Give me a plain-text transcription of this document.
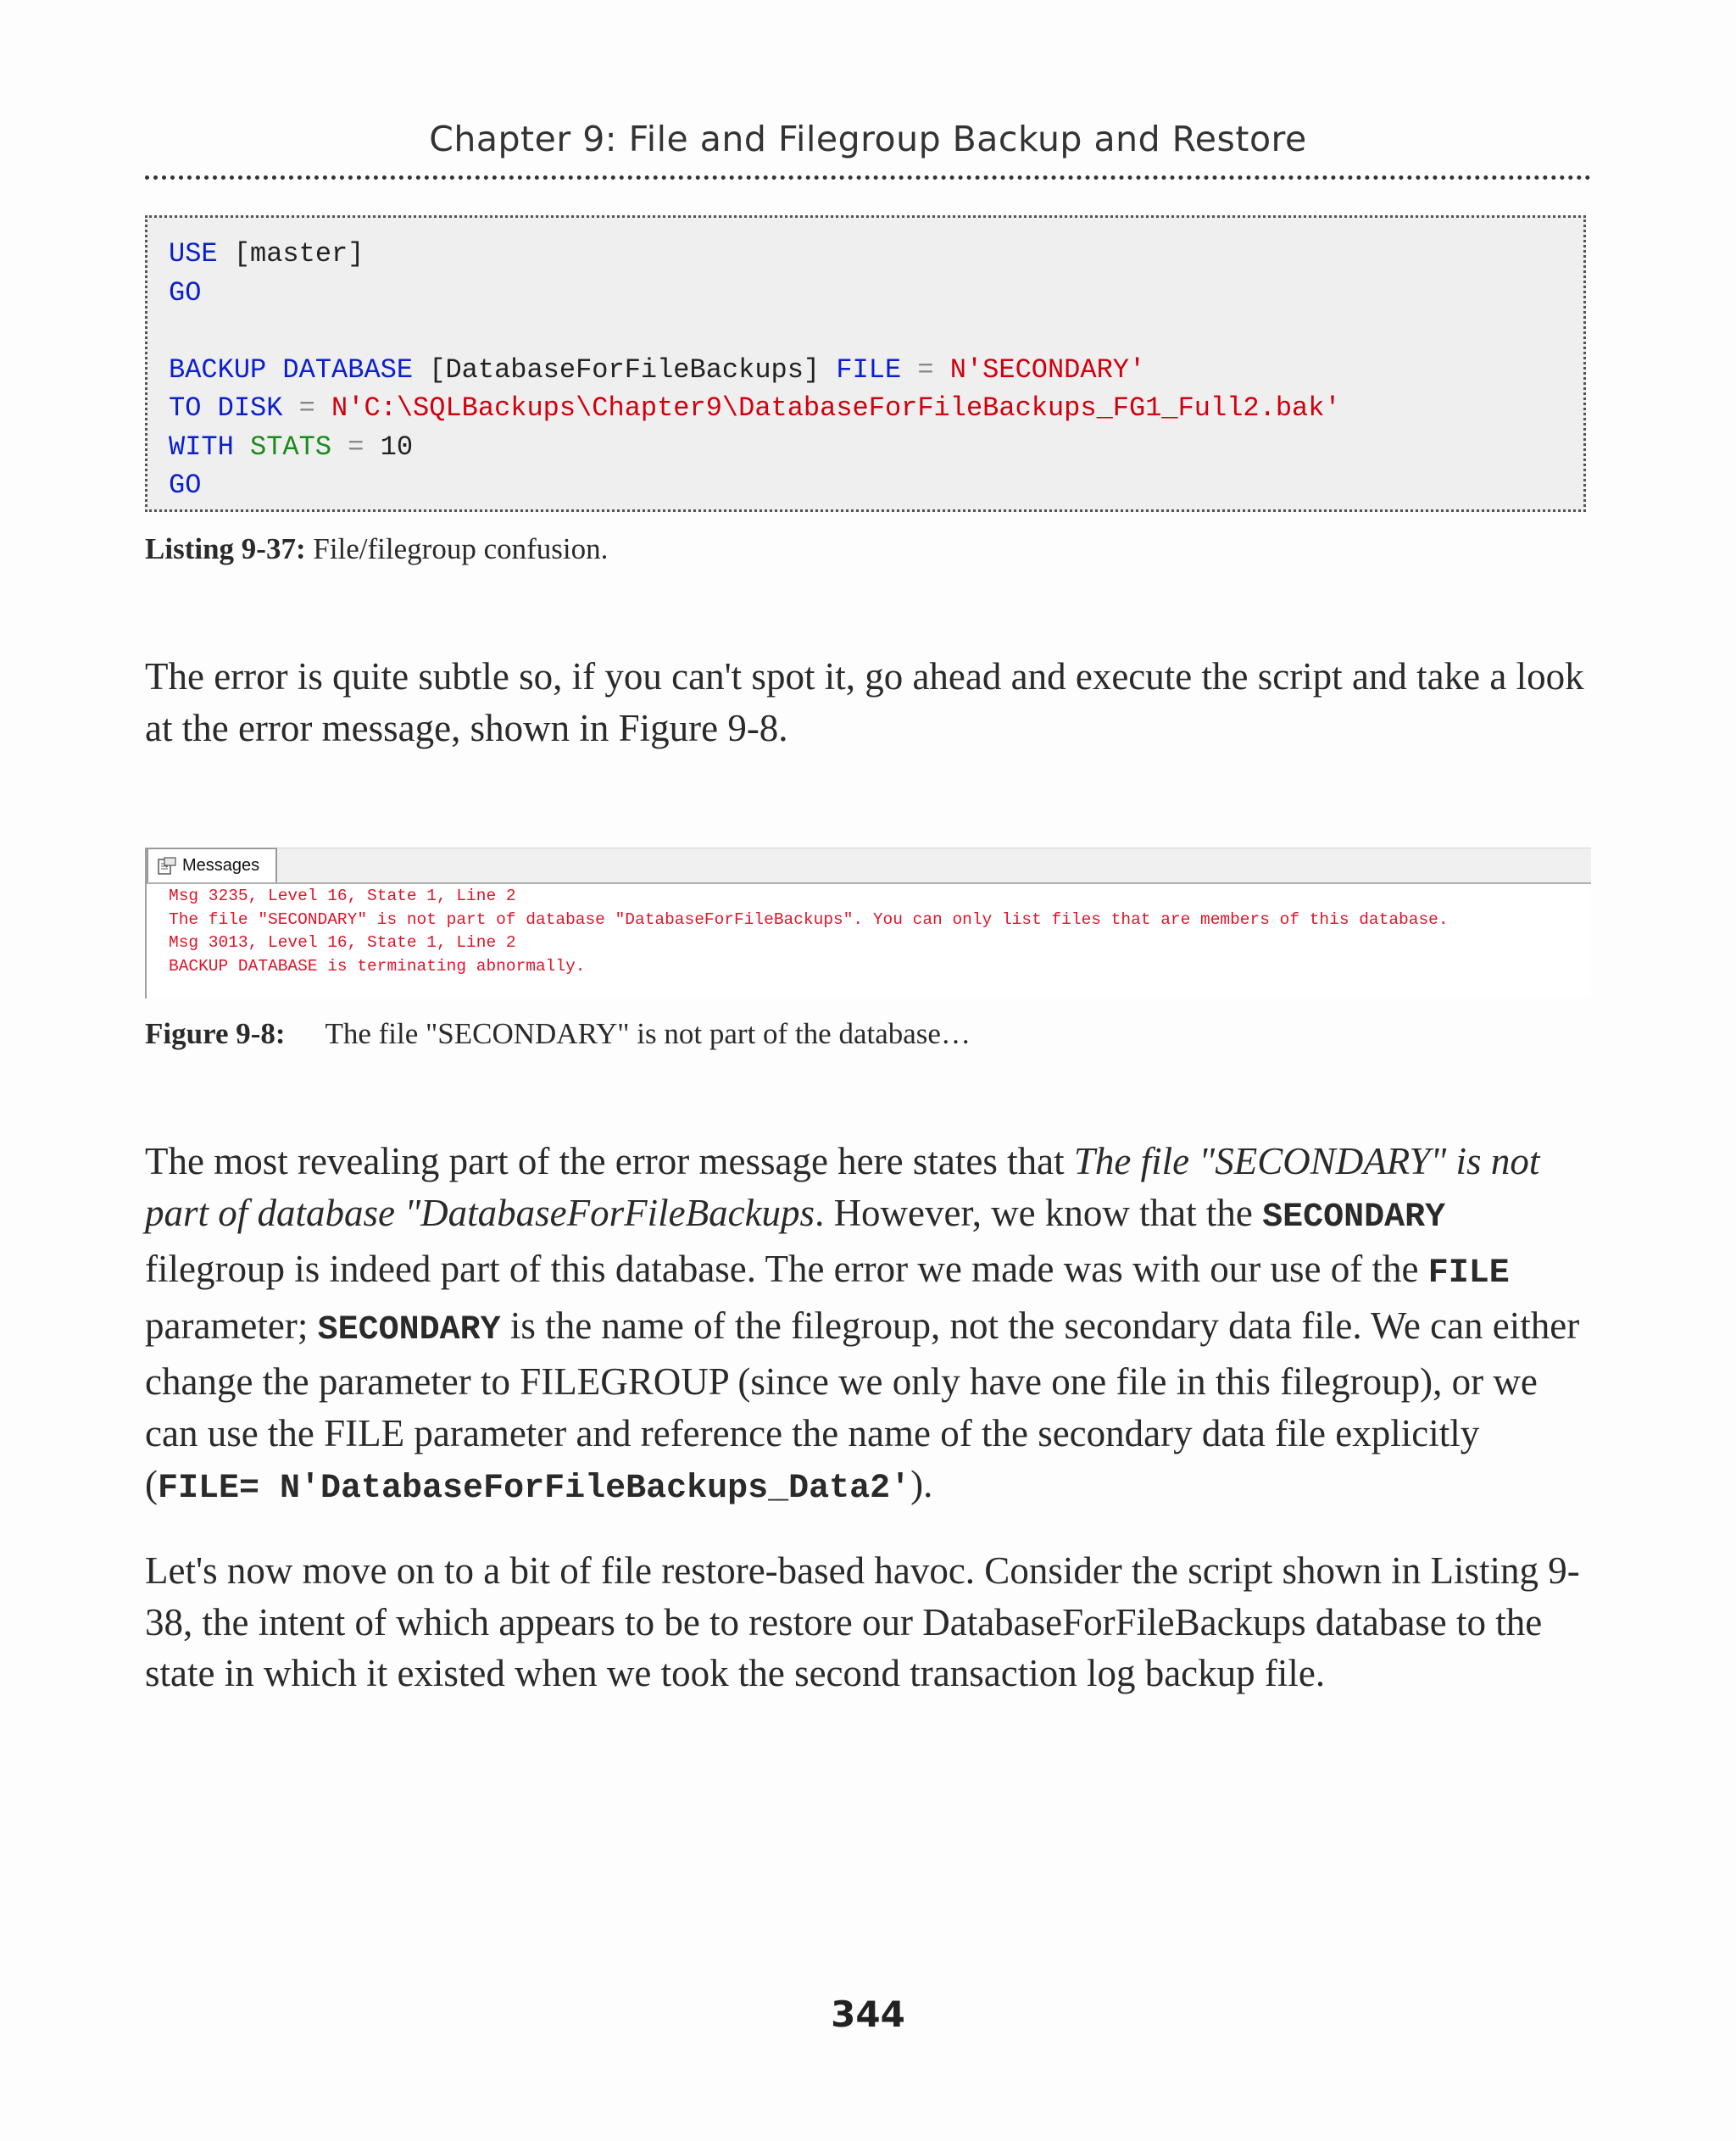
Chapter 9: File and Filegroup Backup and Restore
USE [master]
GO
BACKUP DATABASE [DatabaseForFileBackups] FILE = N'SECONDARY'
TO DISK = N'C:\SQLBackups\Chapter9\DatabaseForFileBackups_FG1_Full2.bak'
WITH STATS = 10
GO
Listing 9-37: File/filegroup confusion.
The error is quite subtle so, if you can't spot it, go ahead and execute the script and take a look at the error message, shown in Figure 9-8.
Messages
Msg 3235, Level 16, State 1, Line 2
The file "SECONDARY" is not part of database "DatabaseForFileBackups". You can only list files that are members of this database.
Msg 3013, Level 16, State 1, Line 2
BACKUP DATABASE is terminating abnormally.
Figure 9-8: The file "SECONDARY" is not part of the database…
The most revealing part of the error message here states that The file "SECONDARY" is not part of database "DatabaseForFileBackups. However, we know that the SECONDARY filegroup is indeed part of this database. The error we made was with our use of the FILE parameter; SECONDARY is the name of the filegroup, not the secondary data file. We can either change the parameter to FILEGROUP (since we only have one file in this filegroup), or we can use the FILE parameter and reference the name of the secondary data file explicitly (FILE= N'DatabaseForFileBackups_Data2').
Let's now move on to a bit of file restore-based havoc. Consider the script shown in Listing 9-38, the intent of which appears to be to restore our DatabaseForFileBackups database to the state in which it existed when we took the second transaction log backup file.
344
